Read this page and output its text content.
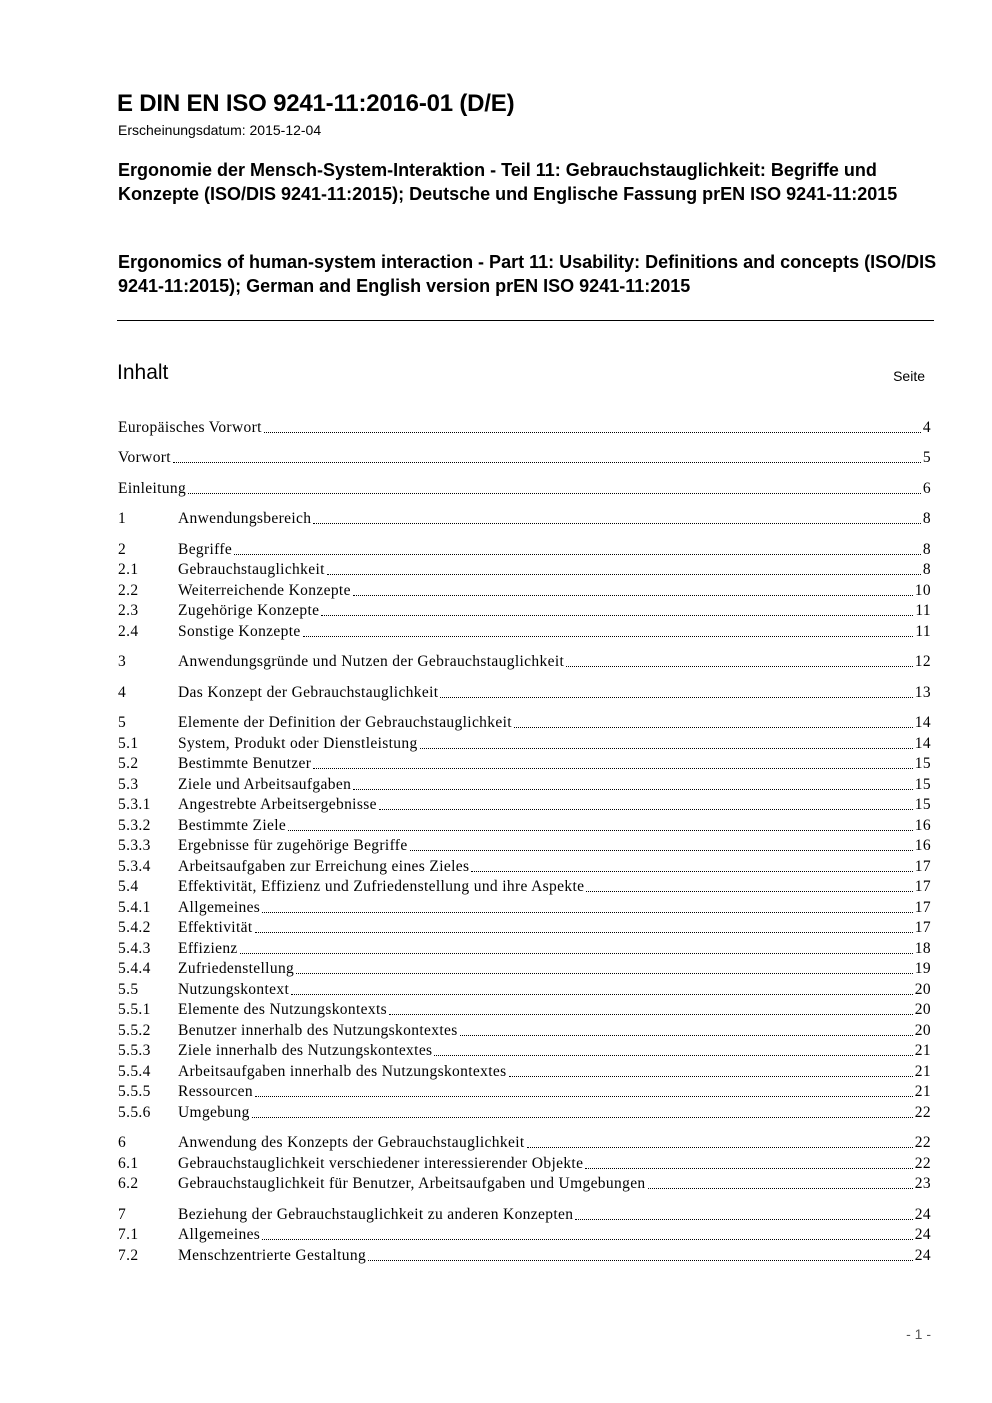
E DIN EN ISO 9241-11:2016-01 (D/E)
Erscheinungsdatum: 2015-12-04
Ergonomie der Mensch-System-Interaktion - Teil 11: Gebrauchstauglichkeit: Begriffe und Konzepte (ISO/DIS 9241-11:2015); Deutsche und Englische Fassung prEN ISO 9241-11:2015
Ergonomics of human-system interaction - Part 11: Usability: Definitions and concepts (ISO/DIS 9241-11:2015); German and English version prEN ISO 9241-11:2015
Inhalt	Seite
Europäisches Vorwort	4
Vorwort	5
Einleitung	6
1	Anwendungsbereich	8
2	Begriffe	8
2.1	Gebrauchstauglichkeit	8
2.2	Weiterreichende Konzepte	10
2.3	Zugehörige Konzepte	11
2.4	Sonstige Konzepte	11
3	Anwendungsgründe und Nutzen der Gebrauchstauglichkeit	12
4	Das Konzept der Gebrauchstauglichkeit	13
5	Elemente der Definition der Gebrauchstauglichkeit	14
5.1	System, Produkt oder Dienstleistung	14
5.2	Bestimmte Benutzer	15
5.3	Ziele und Arbeitsaufgaben	15
5.3.1	Angestrebte Arbeitsergebnisse	15
5.3.2	Bestimmte Ziele	16
5.3.3	Ergebnisse für zugehörige Begriffe	16
5.3.4	Arbeitsaufgaben zur Erreichung eines Zieles	17
5.4	Effektivität, Effizienz und Zufriedenstellung und ihre Aspekte	17
5.4.1	Allgemeines	17
5.4.2	Effektivität	17
5.4.3	Effizienz	18
5.4.4	Zufriedenstellung	19
5.5	Nutzungskontext	20
5.5.1	Elemente des Nutzungskontexts	20
5.5.2	Benutzer innerhalb des Nutzungskontextes	20
5.5.3	Ziele innerhalb des Nutzungskontextes	21
5.5.4	Arbeitsaufgaben innerhalb des Nutzungskontextes	21
5.5.5	Ressourcen	21
5.5.6	Umgebung	22
6	Anwendung des Konzepts der Gebrauchstauglichkeit	22
6.1	Gebrauchstauglichkeit verschiedener interessierender Objekte	22
6.2	Gebrauchstauglichkeit für Benutzer, Arbeitsaufgaben und Umgebungen	23
7	Beziehung der Gebrauchstauglichkeit zu anderen Konzepten	24
7.1	Allgemeines	24
7.2	Menschzentrierte Gestaltung	24
- 1 -
